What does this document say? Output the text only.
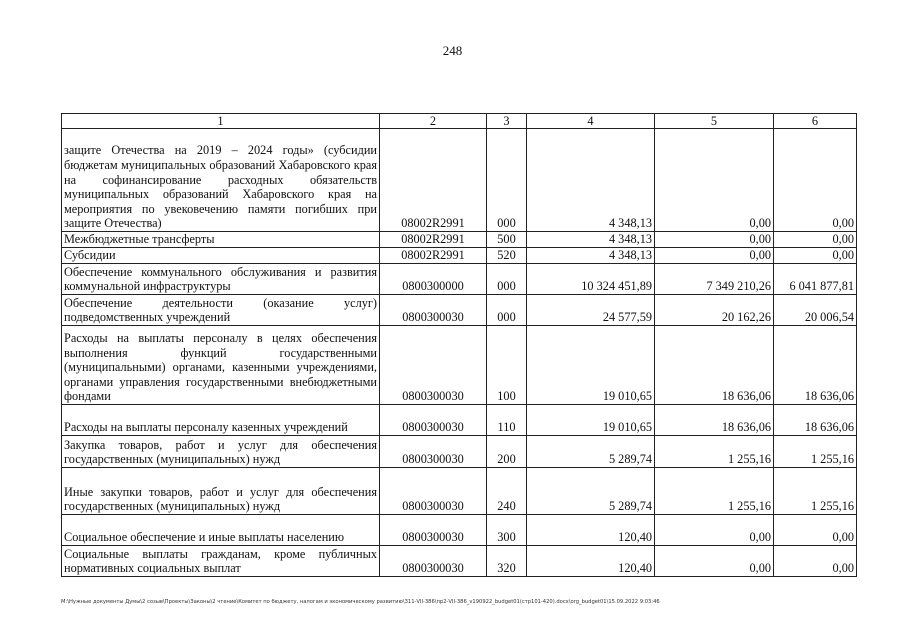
248
1	2	3	4	5	6
защите Отечества на 2019 – 2024 годы» (субсидии бюджетам муниципальных образований Хабаровского края на софинансирование расходных обязательств муниципальных образований Хабаровского края на мероприятия по увековечению памяти погибших при защите Отечества)	08002R2991	000	4 348,13	0,00	0,00
Межбюджетные трансферты	08002R2991	500	4 348,13	0,00	0,00
Субсидии	08002R2991	520	4 348,13	0,00	0,00
Обеспечение коммунального обслуживания и развития коммунальной инфраструктуры	0800300000	000	10 324 451,89	7 349 210,26	6 041 877,81
Обеспечение деятельности (оказание услуг) подведомственных учреждений	0800300030	000	24 577,59	20 162,26	20 006,54
Расходы на выплаты персоналу в целях обеспечения выполнения функций государственными (муниципальными) органами, казенными учреждениями, органами управления государственными внебюджетными фондами	0800300030	100	19 010,65	18 636,06	18 636,06
Расходы на выплаты персоналу казенных учреждений	0800300030	110	19 010,65	18 636,06	18 636,06
Закупка товаров, работ и услуг для обеспечения государственных (муниципальных) нужд	0800300030	200	5 289,74	1 255,16	1 255,16
Иные закупки товаров, работ и услуг для обеспечения государственных (муниципальных) нужд	0800300030	240	5 289,74	1 255,16	1 255,16
Социальное обеспечение и иные выплаты населению	0800300030	300	120,40	0,00	0,00
Социальные выплаты гражданам, кроме публичных нормативных социальных выплат	0800300030	320	120,40	0,00	0,00
M:\Нужные документы Думы\2 созыв\Проекты\Законы\2 чтение\Комитет по бюджету, налогам и экономическому развитию\311-VII-386\пр2-VII-386_v190922_budget01(стр101-420).docx\org_budget01\15.09.2022 9:03:46
